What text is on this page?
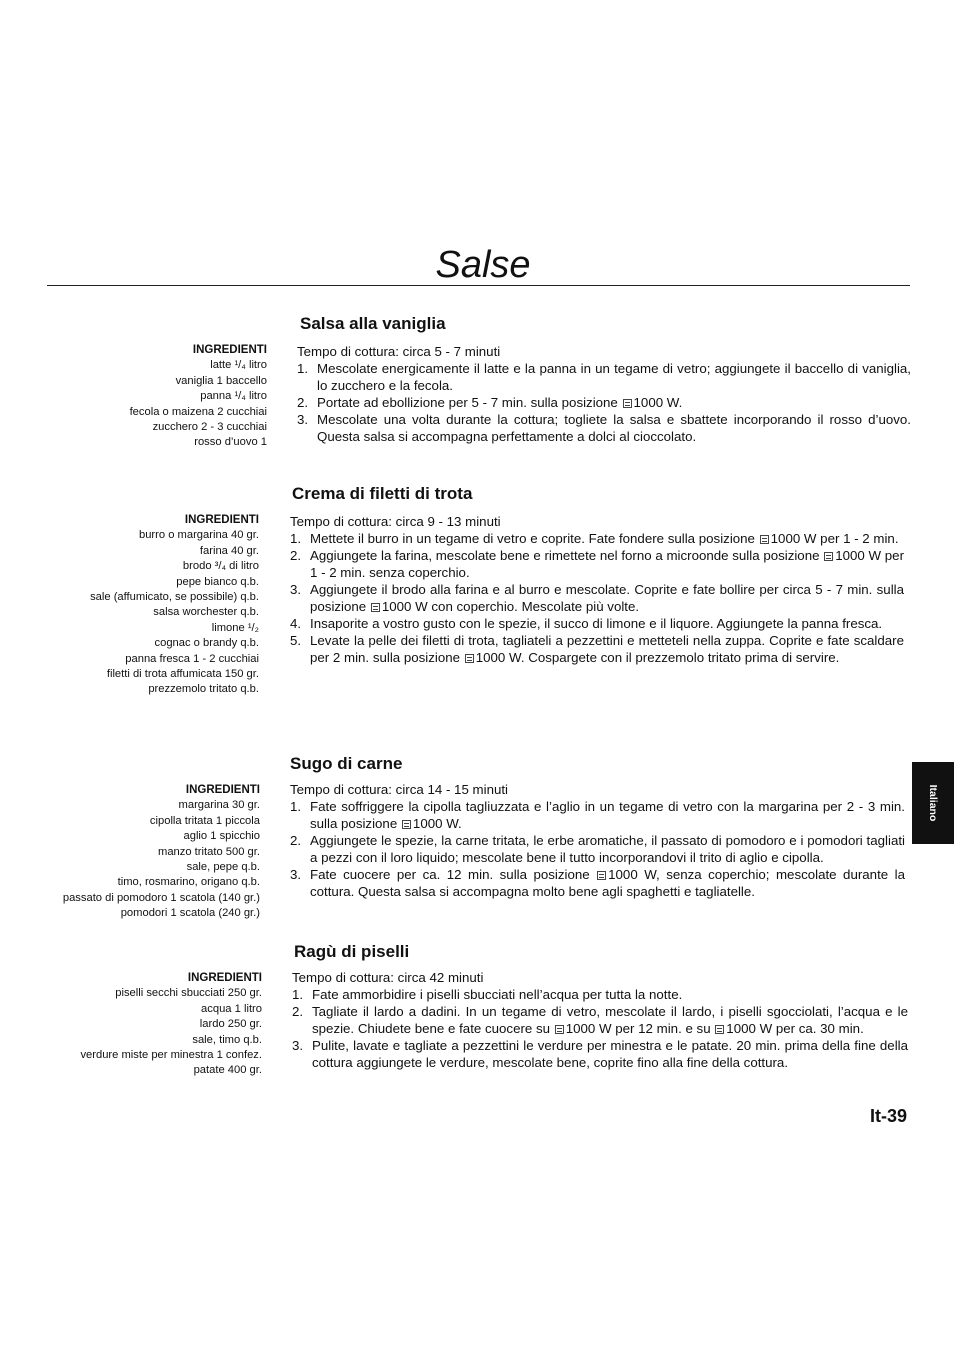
Salse
INGREDIENTI
latte ¹/₄ litro
vaniglia 1 baccello
panna ¹/₄ litro
fecola o maizena 2 cucchiai
zucchero 2 - 3 cucchiai
rosso d’uovo 1
Salsa alla vaniglia
Tempo di cottura: circa 5 - 7 minuti
1. Mescolate energicamente il latte e la panna in un tegame di vetro; aggiungete il baccello di vaniglia, lo zucchero e la fecola.
2. Portate ad ebollizione per 5 - 7 min. sulla posizione 1000 W.
3. Mescolate una volta durante la cottura; togliete la salsa e sbattete incorporando il rosso d’uovo. Questa salsa si accompagna perfettamente a dolci al cioccolato.
INGREDIENTI
burro o margarina 40 gr.
farina 40 gr.
brodo ³/₄ di litro
pepe bianco q.b.
sale (affumicato, se possibile) q.b.
salsa worchester q.b.
limone ¹/₂
cognac o brandy q.b.
panna fresca 1 - 2 cucchiai
filetti di trota affumicata 150 gr.
prezzemolo tritato q.b.
Crema di filetti di trota
Tempo di cottura: circa 9 - 13 minuti
1. Mettete il burro in un tegame di vetro e coprite. Fate fondere sulla posizione 1000 W per 1 - 2 min.
2. Aggiungete la farina, mescolate bene e rimettete nel forno a microonde sulla posizione 1000 W per 1 - 2 min. senza coperchio.
3. Aggiungete il brodo alla farina e al burro e mescolate. Coprite e fate bollire per circa 5 - 7 min. sulla posizione 1000 W con coperchio. Mescolate più volte.
4. Insaporite a vostro gusto con le spezie, il succo di limone e il liquore. Aggiungete la panna fresca.
5. Levate la pelle dei filetti di trota, tagliateli a pezzettini e metteteli nella zuppa. Coprite e fate scaldare per 2 min. sulla posizione 1000 W. Cospargete con il prezzemolo tritato prima di servire.
INGREDIENTI
margarina 30 gr.
cipolla tritata 1 piccola
aglio 1 spicchio
manzo tritato 500 gr.
sale, pepe q.b.
timo, rosmarino, origano q.b.
passato di pomodoro 1 scatola (140 gr.)
pomodori 1 scatola (240 gr.)
Sugo di carne
Tempo di cottura: circa 14 - 15 minuti
1. Fate soffriggere la cipolla tagliuzzata e l’aglio in un tegame di vetro con la margarina per 2 - 3 min. sulla posizione 1000 W.
2. Aggiungete le spezie, la carne tritata, le erbe aromatiche, il passato di pomodoro e i pomodori tagliati a pezzi con il loro liquido; mescolate bene il tutto incorporandovi il trito di aglio e cipolla.
3. Fate cuocere per ca. 12 min. sulla posizione 1000 W, senza coperchio; mescolate durante la cottura. Questa salsa si accompagna molto bene agli spaghetti e tagliatelle.
INGREDIENTI
piselli secchi sbucciati 250 gr.
acqua 1 litro
lardo 250 gr.
sale, timo q.b.
verdure miste per minestra 1 confez.
patate 400 gr.
Ragù di piselli
Tempo di cottura: circa 42 minuti
1. Fate ammorbidire i piselli sbucciati nell’acqua per tutta la notte.
2. Tagliate il lardo a dadini. In un tegame di vetro, mescolate il lardo, i piselli sgocciolati, l’acqua e le spezie. Chiudete bene e fate cuocere su 1000 W per 12 min. e su 1000 W per ca. 30 min.
3. Pulite, lavate e tagliate a pezzettini le verdure per minestra e le patate. 20 min. prima della fine della cottura aggiungete le verdure, mescolate bene, coprite fino alla fine della cottura.
Italiano
It-39
